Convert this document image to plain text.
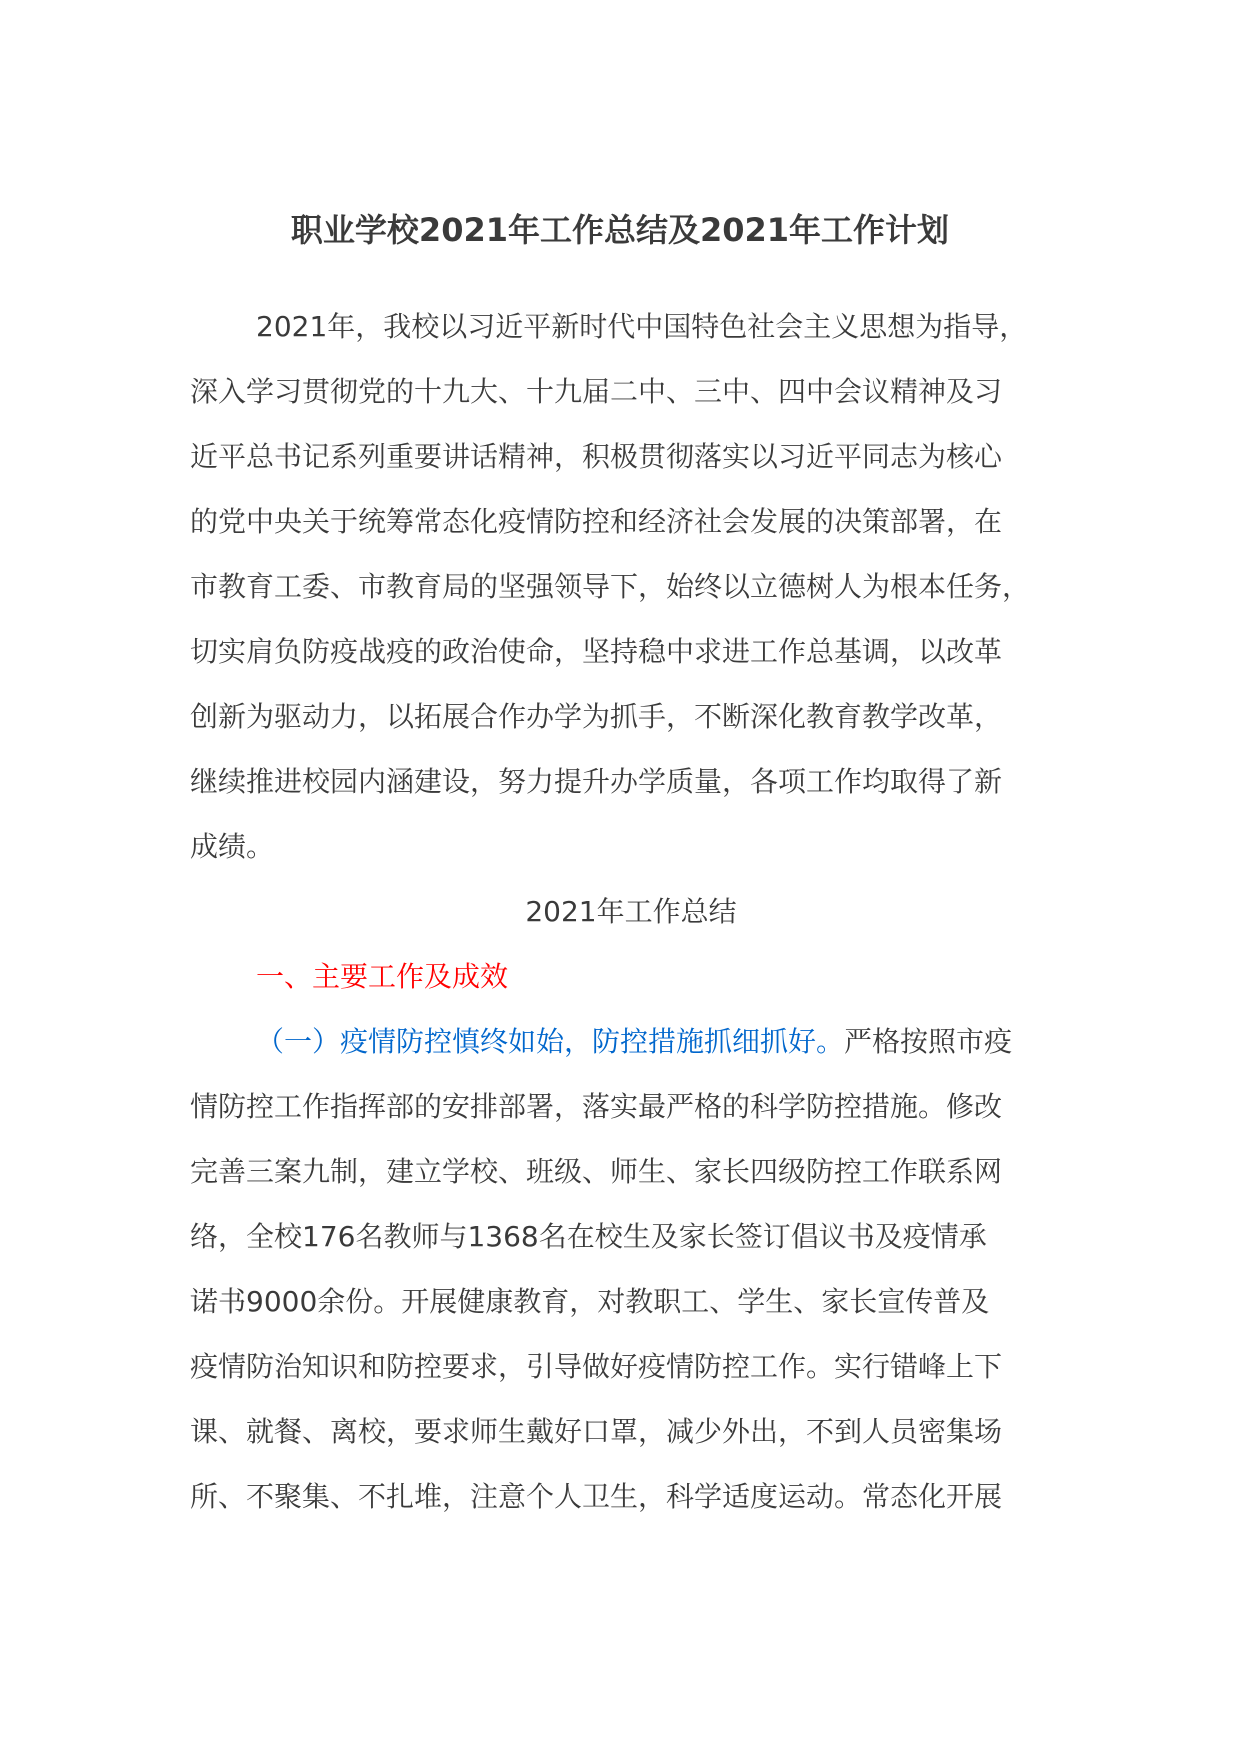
职业学校2021年工作总结及2021年工作计划
2021年，我校以习近平新时代中国特色社会主义思想为指导，
深入学习贯彻党的十九大、十九届二中、三中、四中会议精神及习
近平总书记系列重要讲话精神，积极贯彻落实以习近平同志为核心
的党中央关于统筹常态化疫情防控和经济社会发展的决策部署，在
市教育工委、市教育局的坚强领导下，始终以立德树人为根本任务，
切实肩负防疫战疫的政治使命，坚持稳中求进工作总基调，以改革
创新为驱动力，以拓展合作办学为抓手，不断深化教育教学改革，
继续推进校园内涵建设，努力提升办学质量，各项工作均取得了新
成绩。
2021年工作总结
一、主要工作及成效
（一）疫情防控慎终如始，防控措施抓细抓好。严格按照市疫
情防控工作指挥部的安排部署，落实最严格的科学防控措施。修改
完善三案九制，建立学校、班级、师生、家长四级防控工作联系网
络，全校176名教师与1368名在校生及家长签订倡议书及疫情承
诺书9000余份。开展健康教育，对教职工、学生、家长宣传普及
疫情防治知识和防控要求，引导做好疫情防控工作。实行错峰上下
课、就餐、离校，要求师生戴好口罩，减少外出，不到人员密集场
所、不聚集、不扎堆，注意个人卫生，科学适度运动。常态化开展
